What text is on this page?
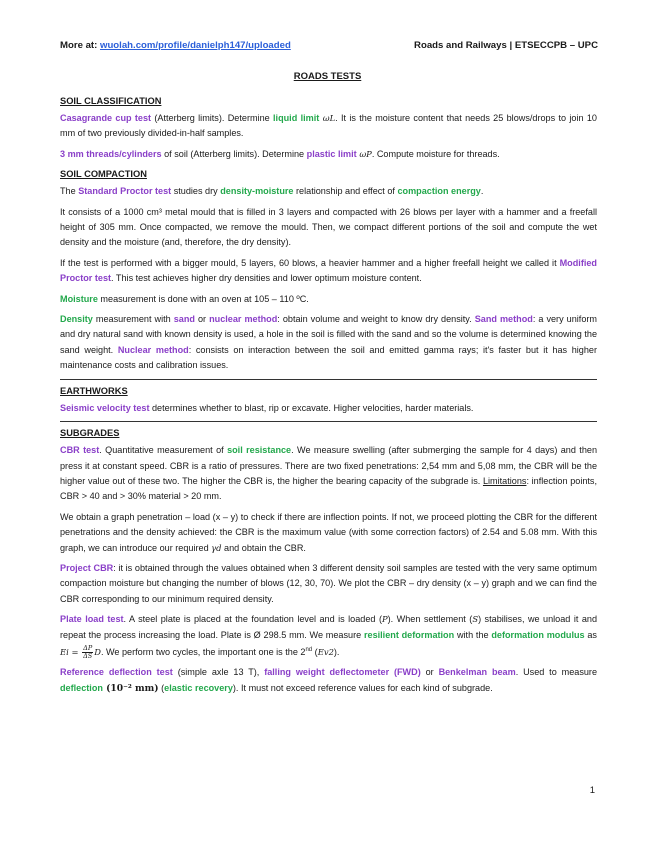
More at: wuolah.com/profile/danielph147/uploaded	Roads and Railways | ETSECCPB – UPC
ROADS TESTS
SOIL CLASSIFICATION

Casagrande cup test (Atterberg limits). Determine liquid limit ωL. It is the moisture content that needs 25 blows/drops to join 10 mm of two previously divided-in-half samples.

3 mm threads/cylinders of soil (Atterberg limits). Determine plastic limit ωP. Compute moisture for threads.

SOIL COMPACTION

The Standard Proctor test studies dry density-moisture relationship and effect of compaction energy.

It consists of a 1000 cm³ metal mould that is filled in 3 layers and compacted with 26 blows per layer with a hammer and a freefall height of 305 mm. Once compacted, we remove the mould. Then, we compact different portions of the soil and compute the wet density and the moisture (and, therefore, the dry density).

If the test is performed with a bigger mould, 5 layers, 60 blows, a heavier hammer and a higher freefall height we called it Modified Proctor test. This test achieves higher dry densities and lower optimum moisture content.

Moisture measurement is done with an oven at 105 – 110 ºC.

Density measurement with sand or nuclear method: obtain volume and weight to know dry density. Sand method: a very uniform and dry natural sand with known density is used, a hole in the soil is filled with the sand and so the volume is determined knowing the sand weight. Nuclear method: consists on interaction between the soil and emitted gamma rays; it's faster but it has higher maintenance costs and calibration issues.

EARTHWORKS

Seismic velocity test determines whether to blast, rip or excavate. Higher velocities, harder materials.

SUBGRADES

CBR test. Quantitative measurement of soil resistance. We measure swelling (after submerging the sample for 4 days) and then press it at constant speed. CBR is a ratio of pressures. There are two fixed penetrations: 2,54 mm and 5,08 mm, the CBR will be the higher value out of these two. The higher the CBR is, the higher the bearing capacity of the subgrade is. Limitations: inflection points, CBR > 40 and > 30% material > 20 mm.

We obtain a graph penetration – load (x – y) to check if there are inflection points. If not, we proceed plotting the CBR for the different penetrations and the density achieved: the CBR is the maximum value (with some correction factors) of 2.54 and 5.08 mm. With this graph, we can introduce our required γd and obtain the CBR.

Project CBR: it is obtained through the values obtained when 3 different density soil samples are tested with the very same optimum compaction moisture but changing the number of blows (12, 30, 70). We plot the CBR – dry density (x – y) graph and we can find the CBR corresponding to our minimum required density.

Plate load test. A steel plate is placed at the foundation level and is loaded (P). When settlement (S) stabilises, we unload it and repeat the process increasing the load. Plate is Ø 298.5 mm. We measure resilient deformation with the deformation modulus as $Ei = \frac{\Delta P}{\Delta S} D$. We perform two cycles, the important one is the 2nd (Ev2).

Reference deflection test (simple axle 13 T), falling weight deflectometer (FWD) or Benkelman beam. Used to measure deflection (10⁻² mm) (elastic recovery). It must not exceed reference values for each kind of subgrade.

1
